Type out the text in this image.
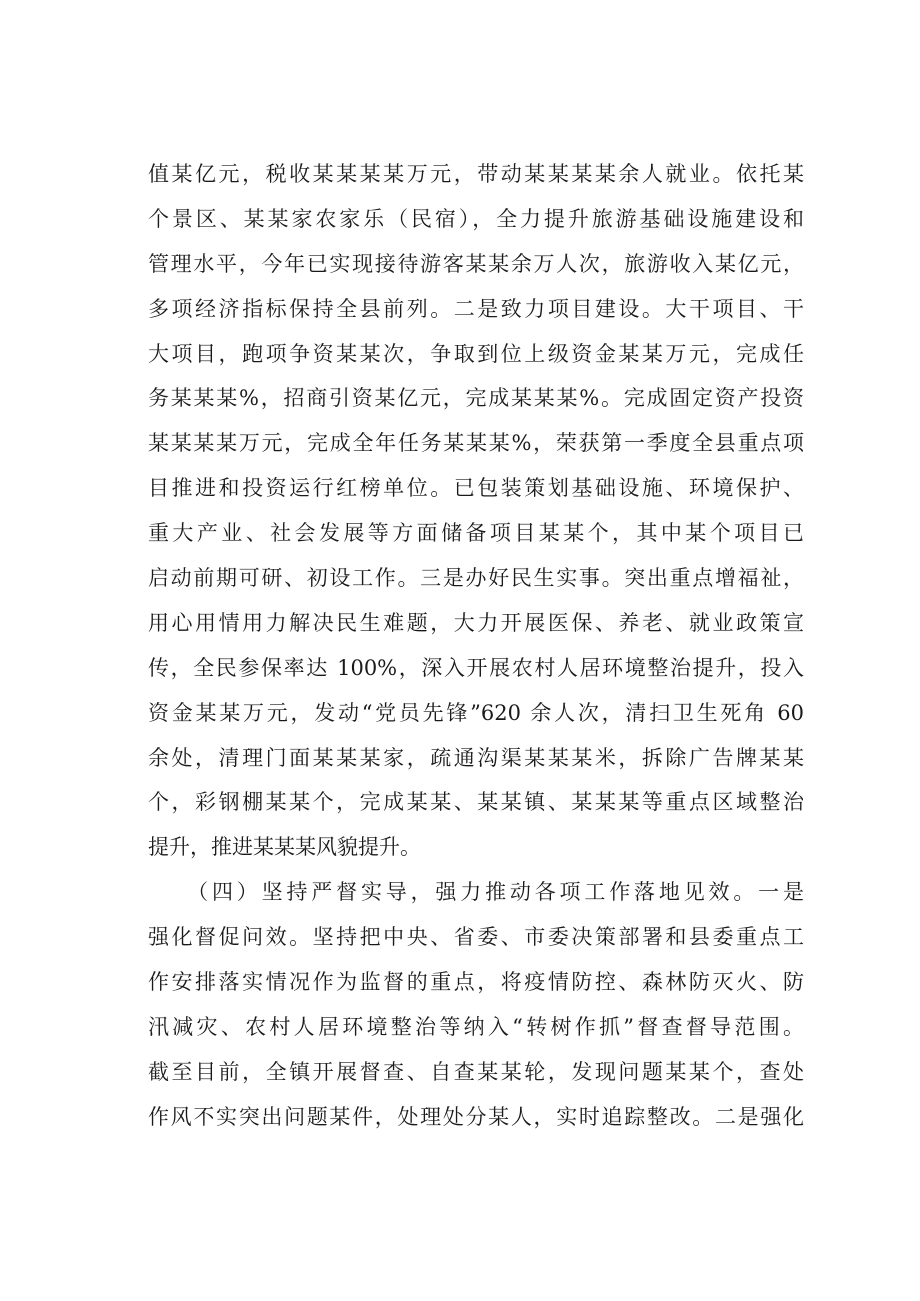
值某亿元，税收某某某某万元，带动某某某某余人就业。依托某
个景区、某某家农家乐（民宿），全力提升旅游基础设施建设和
管理水平，今年已实现接待游客某某余万人次，旅游收入某亿元，
多项经济指标保持全县前列。二是致力项目建设。大干项目、干
大项目，跑项争资某某次，争取到位上级资金某某万元，完成任
务某某某%，招商引资某亿元，完成某某某%。完成固定资产投资
某某某某万元，完成全年任务某某某%，荣获第一季度全县重点项
目推进和投资运行红榜单位。已包装策划基础设施、环境保护、
重大产业、社会发展等方面储备项目某某个，其中某个项目已
启动前期可研、初设工作。三是办好民生实事。突出重点增福祉，
用心用情用力解决民生难题，大力开展医保、养老、就业政策宣
传，全民参保率达 100%，深入开展农村人居环境整治提升，投入
资金某某万元，发动“党员先锋”620 余人次，清扫卫生死角 60
余处，清理门面某某某家，疏通沟渠某某某米，拆除广告牌某某
个，彩钢棚某某个，完成某某、某某镇、某某某等重点区域整治
提升，推进某某某风貌提升。
　　（四）坚持严督实导，强力推动各项工作落地见效。一是
强化督促问效。坚持把中央、省委、市委决策部署和县委重点工
作安排落实情况作为监督的重点，将疫情防控、森林防灭火、防
汛减灾、农村人居环境整治等纳入“转树作抓”督查督导范围。
截至目前，全镇开展督查、自查某某轮，发现问题某某个，查处
作风不实突出问题某件，处理处分某人，实时追踪整改。二是强化
